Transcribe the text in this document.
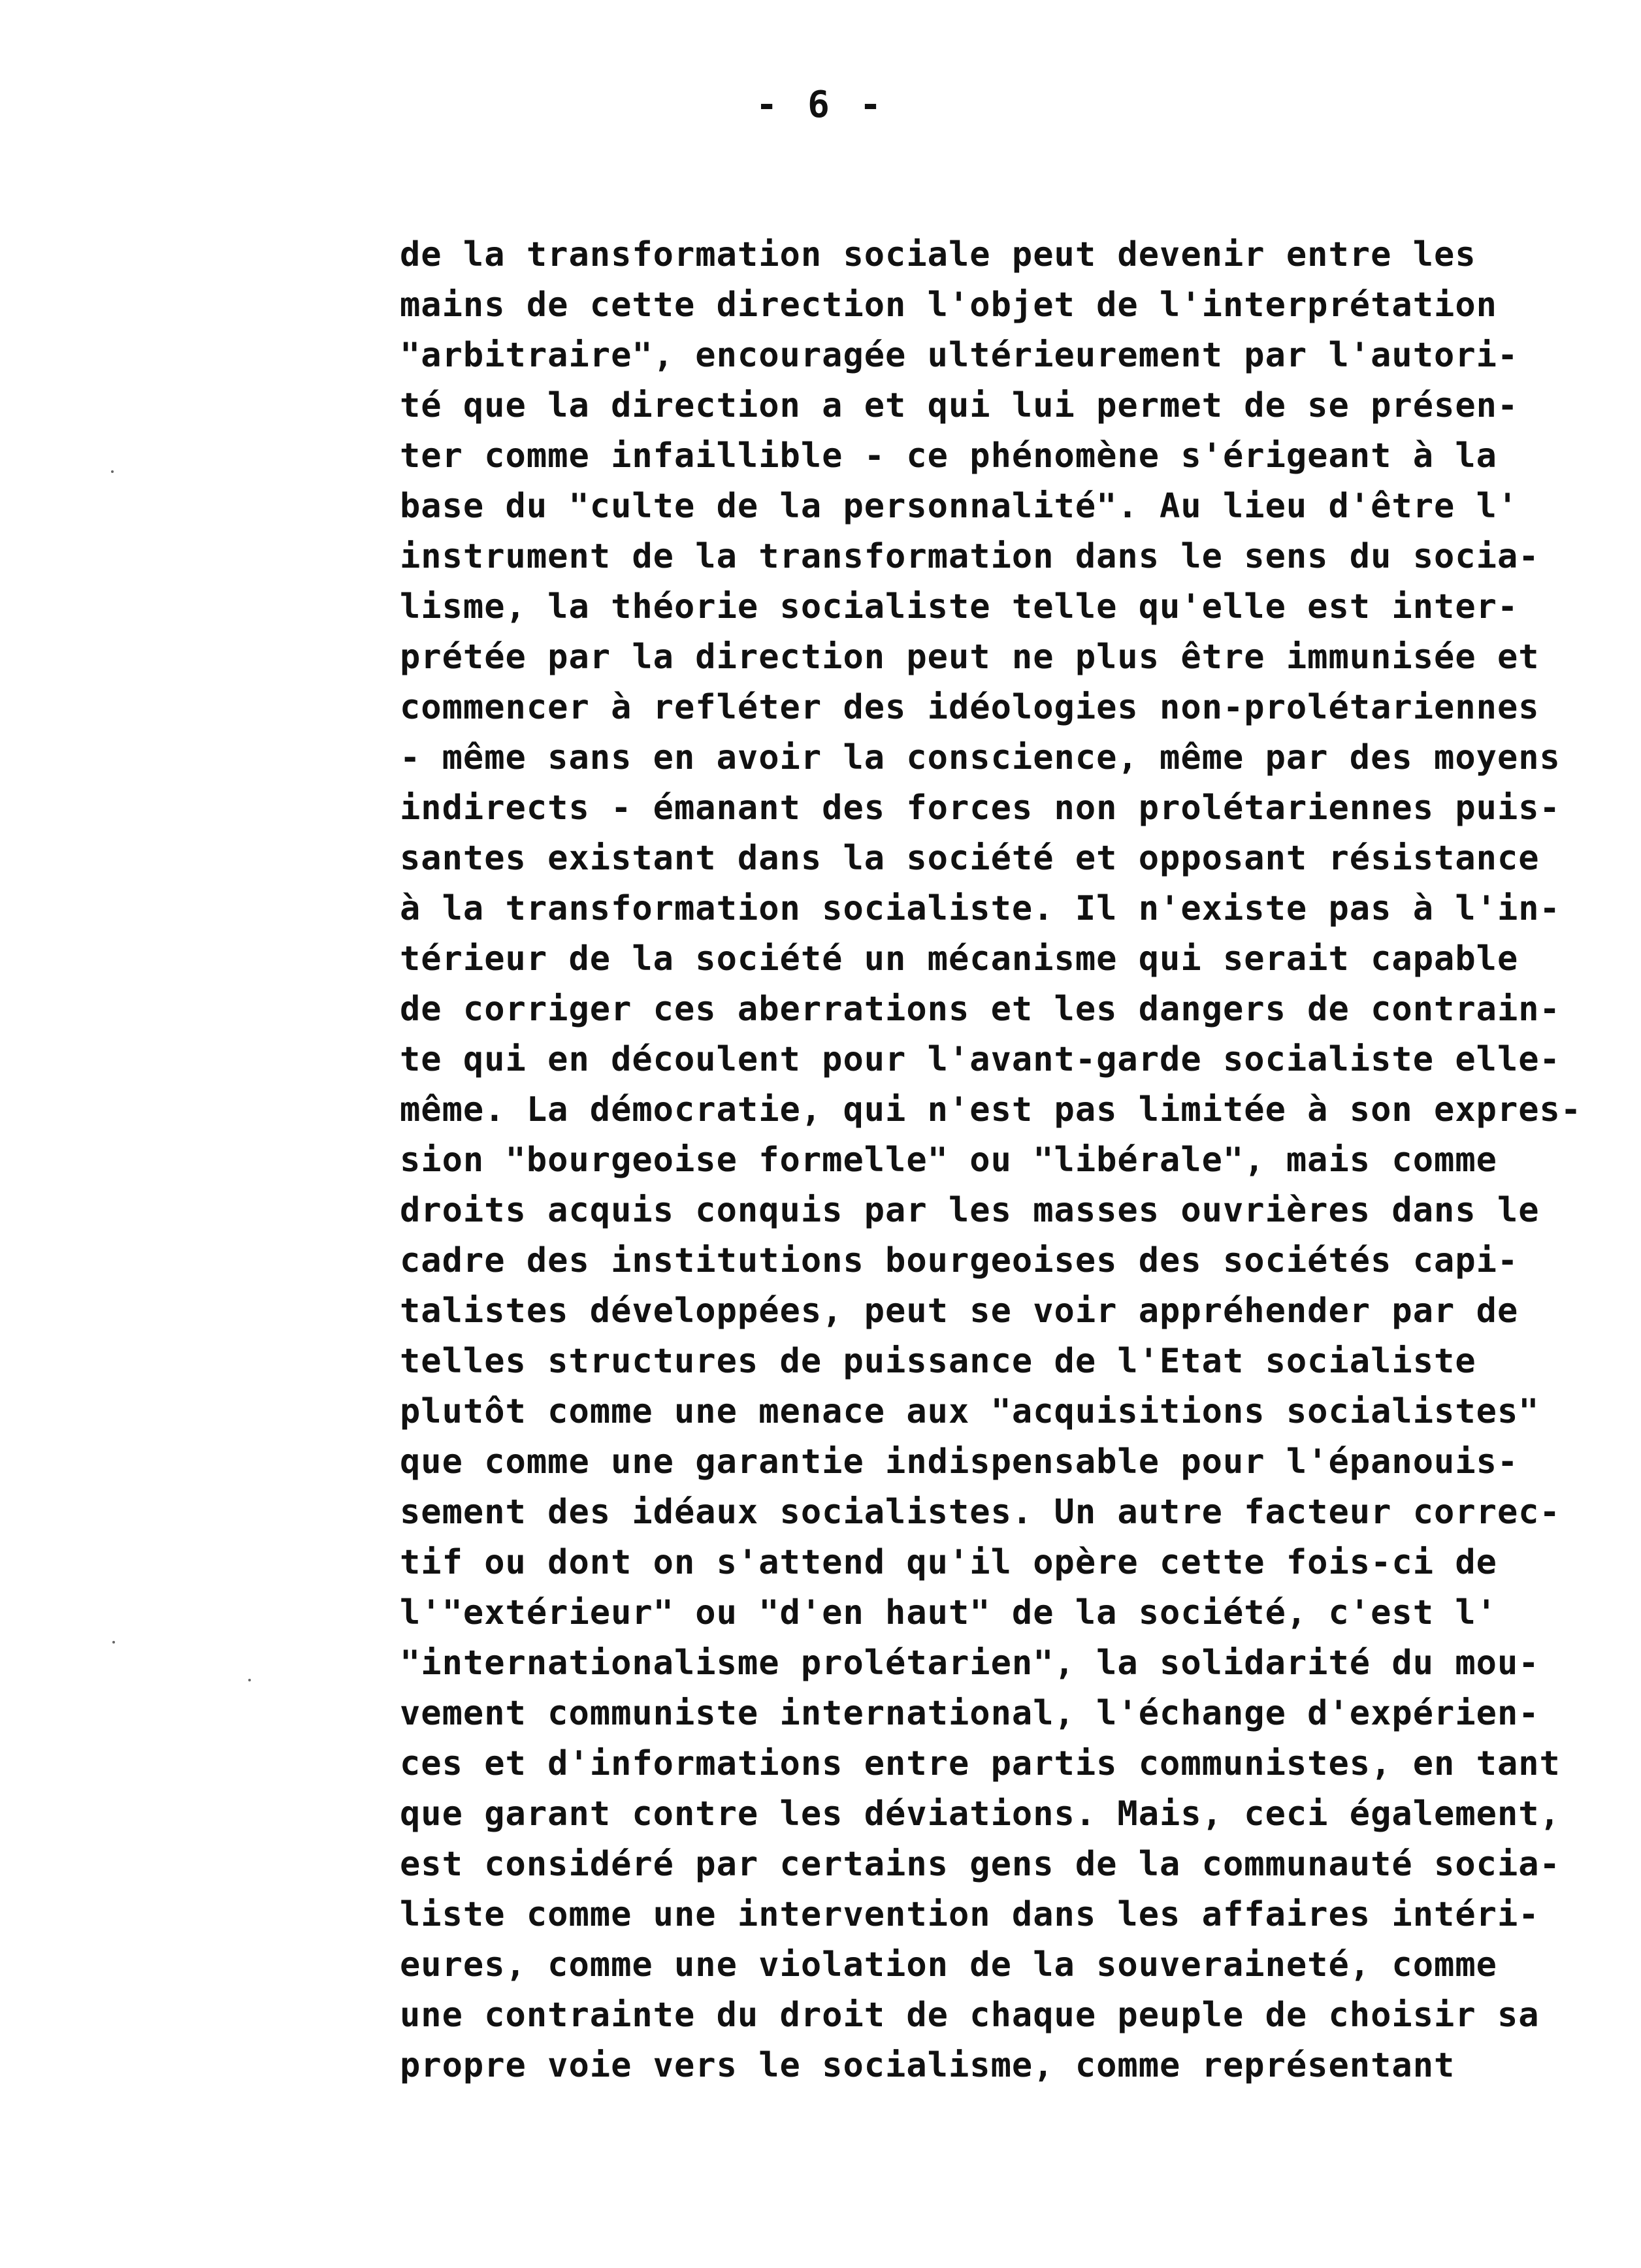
- 6 -
de la transformation sociale peut devenir entre les
mains de cette direction l'objet de l'interprétation
"arbitraire", encouragée ultérieurement par l'autori-
té que la direction a et qui lui permet de se présen-
ter comme infaillible - ce phénomène s'érigeant à la
base du "culte de la personnalité". Au lieu d'être l'
instrument de la transformation dans le sens du socia-
lisme, la théorie socialiste telle qu'elle est inter-
prétée par la direction peut ne plus être immunisée et
commencer à refléter des idéologies non-prolétariennes
- même sans en avoir la conscience, même par des moyens
indirects - émanant des forces non prolétariennes puis-
santes existant dans la société et opposant résistance
à la transformation socialiste. Il n'existe pas à l'in-
térieur de la société un mécanisme qui serait capable
de corriger ces aberrations et les dangers de contrain-
te qui en découlent pour l'avant-garde socialiste elle-
même. La démocratie, qui n'est pas limitée à son expres-
sion "bourgeoise formelle" ou "libérale", mais comme
droits acquis conquis par les masses ouvrières dans le
cadre des institutions bourgeoises des sociétés capi-
talistes développées, peut se voir appréhender par de
telles structures de puissance de l'Etat socialiste
plutôt comme une menace aux "acquisitions socialistes"
que comme une garantie indispensable pour l'épanouis-
sement des idéaux socialistes. Un autre facteur correc-
tif ou dont on s'attend qu'il opère cette fois-ci de
l'"extérieur" ou "d'en haut" de la société, c'est l'
"internationalisme prolétarien", la solidarité du mou-
vement communiste international, l'échange d'expérien-
ces et d'informations entre partis communistes, en tant
que garant contre les déviations. Mais, ceci également,
est considéré par certains gens de la communauté socia-
liste comme une intervention dans les affaires intéri-
eures, comme une violation de la souveraineté, comme
une contrainte du droit de chaque peuple de choisir sa
propre voie vers le socialisme, comme représentant
